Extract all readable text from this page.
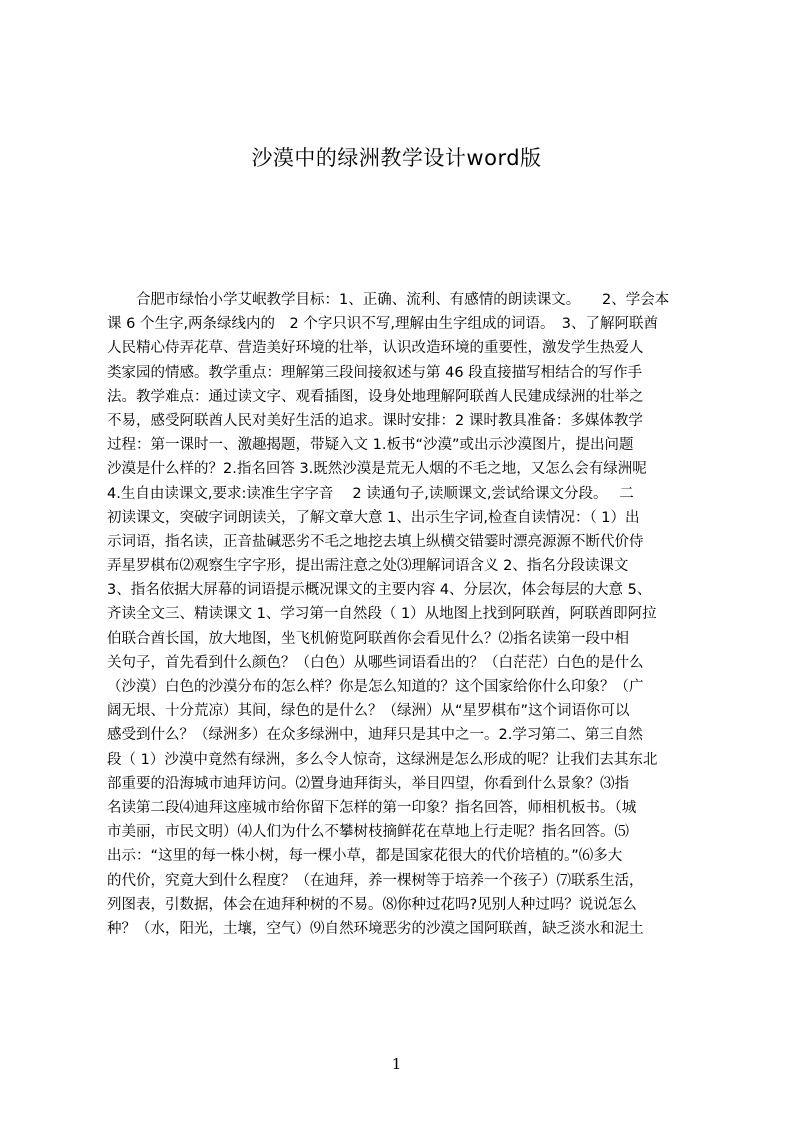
沙漠中的绿洲教学设计word版
　　合肥市绿怡小学艾岷教学目标：1、正确、流利、有感情的朗读课文。　　2、学会本
课 6 个生字,两条绿线内的　2 个字只识不写,理解由生字组成的词语。　3、了解阿联酋
人民精心侍弄花草、营造美好环境的壮举，认识改造环境的重要性，激发学生热爱人
类家园的情感。教学重点：理解第三段间接叙述与第 46 段直接描写相结合的写作手
法。教学难点：通过读文字、观看插图，设身处地理解阿联酋人民建成绿洲的壮举之
不易，感受阿联酋人民对美好生活的追求。课时安排：2 课时教具准备：多媒体教学
过程：第一课时一、激趣揭题，带疑入文 1.板书“沙漠”或出示沙漠图片，提出问题
沙漠是什么样的？2.指名回答 3.既然沙漠是荒无人烟的不毛之地，又怎么会有绿洲呢
4.生自由读课文,要求:读准生字字音　 2 读通句子,读顺课文,尝试给课文分段。　 二
初读课文，突破字词朗读关，了解文章大意 1、出示生字词,检查自读情况：（ 1）出
示词语，指名读，正音盐碱恶劣不毛之地挖去填上纵横交错霎时漂亮源源不断代价侍
弄星罗棋布⑵观察生字字形，提出需注意之处⑶理解词语含义 2、指名分段读课文
3、指名依据大屏幕的词语提示概况课文的主要内容 4、分层次，体会每层的大意 5、
齐读全文三、精读课文 1、学习第一自然段（ 1）从地图上找到阿联酋，阿联酋即阿拉
伯联合酋长国，放大地图，坐飞机俯览阿联酋你会看见什么？⑵指名读第一段中相
关句子，首先看到什么颜色？（白色）从哪些词语看出的？（白茫茫）白色的是什么
（沙漠）白色的沙漠分布的怎么样？你是怎么知道的？这个国家给你什么印象？（广
阔无垠、十分荒凉）其间，绿色的是什么？（绿洲）从“星罗棋布”这个词语你可以
感受到什么？（绿洲多）在众多绿洲中，迪拜只是其中之一。2.学习第二、第三自然
段（ 1）沙漠中竟然有绿洲，多么令人惊奇，这绿洲是怎么形成的呢？让我们去其东北
部重要的沿海城市迪拜访问。⑵置身迪拜街头，举目四望，你看到什么景象？⑶指
名读第二段⑷迪拜这座城市给你留下怎样的第一印象？指名回答，师相机板书。（城
市美丽，市民文明）⑷人们为什么不攀树枝摘鲜花在草地上行走呢？指名回答。⑸
出示：“这里的每一株小树，每一棵小草，都是国家花很大的代价培植的。”⑹多大
的代价，究竟大到什么程度？（在迪拜，养一棵树等于培养一个孩子）⑺联系生活，
列图表，引数据，体会在迪拜种树的不易。⑻你种过花吗?见别人种过吗？说说怎么
种？（水，阳光，土壤，空气）⑼自然环境恶劣的沙漠之国阿联酋，缺乏淡水和泥土
1
